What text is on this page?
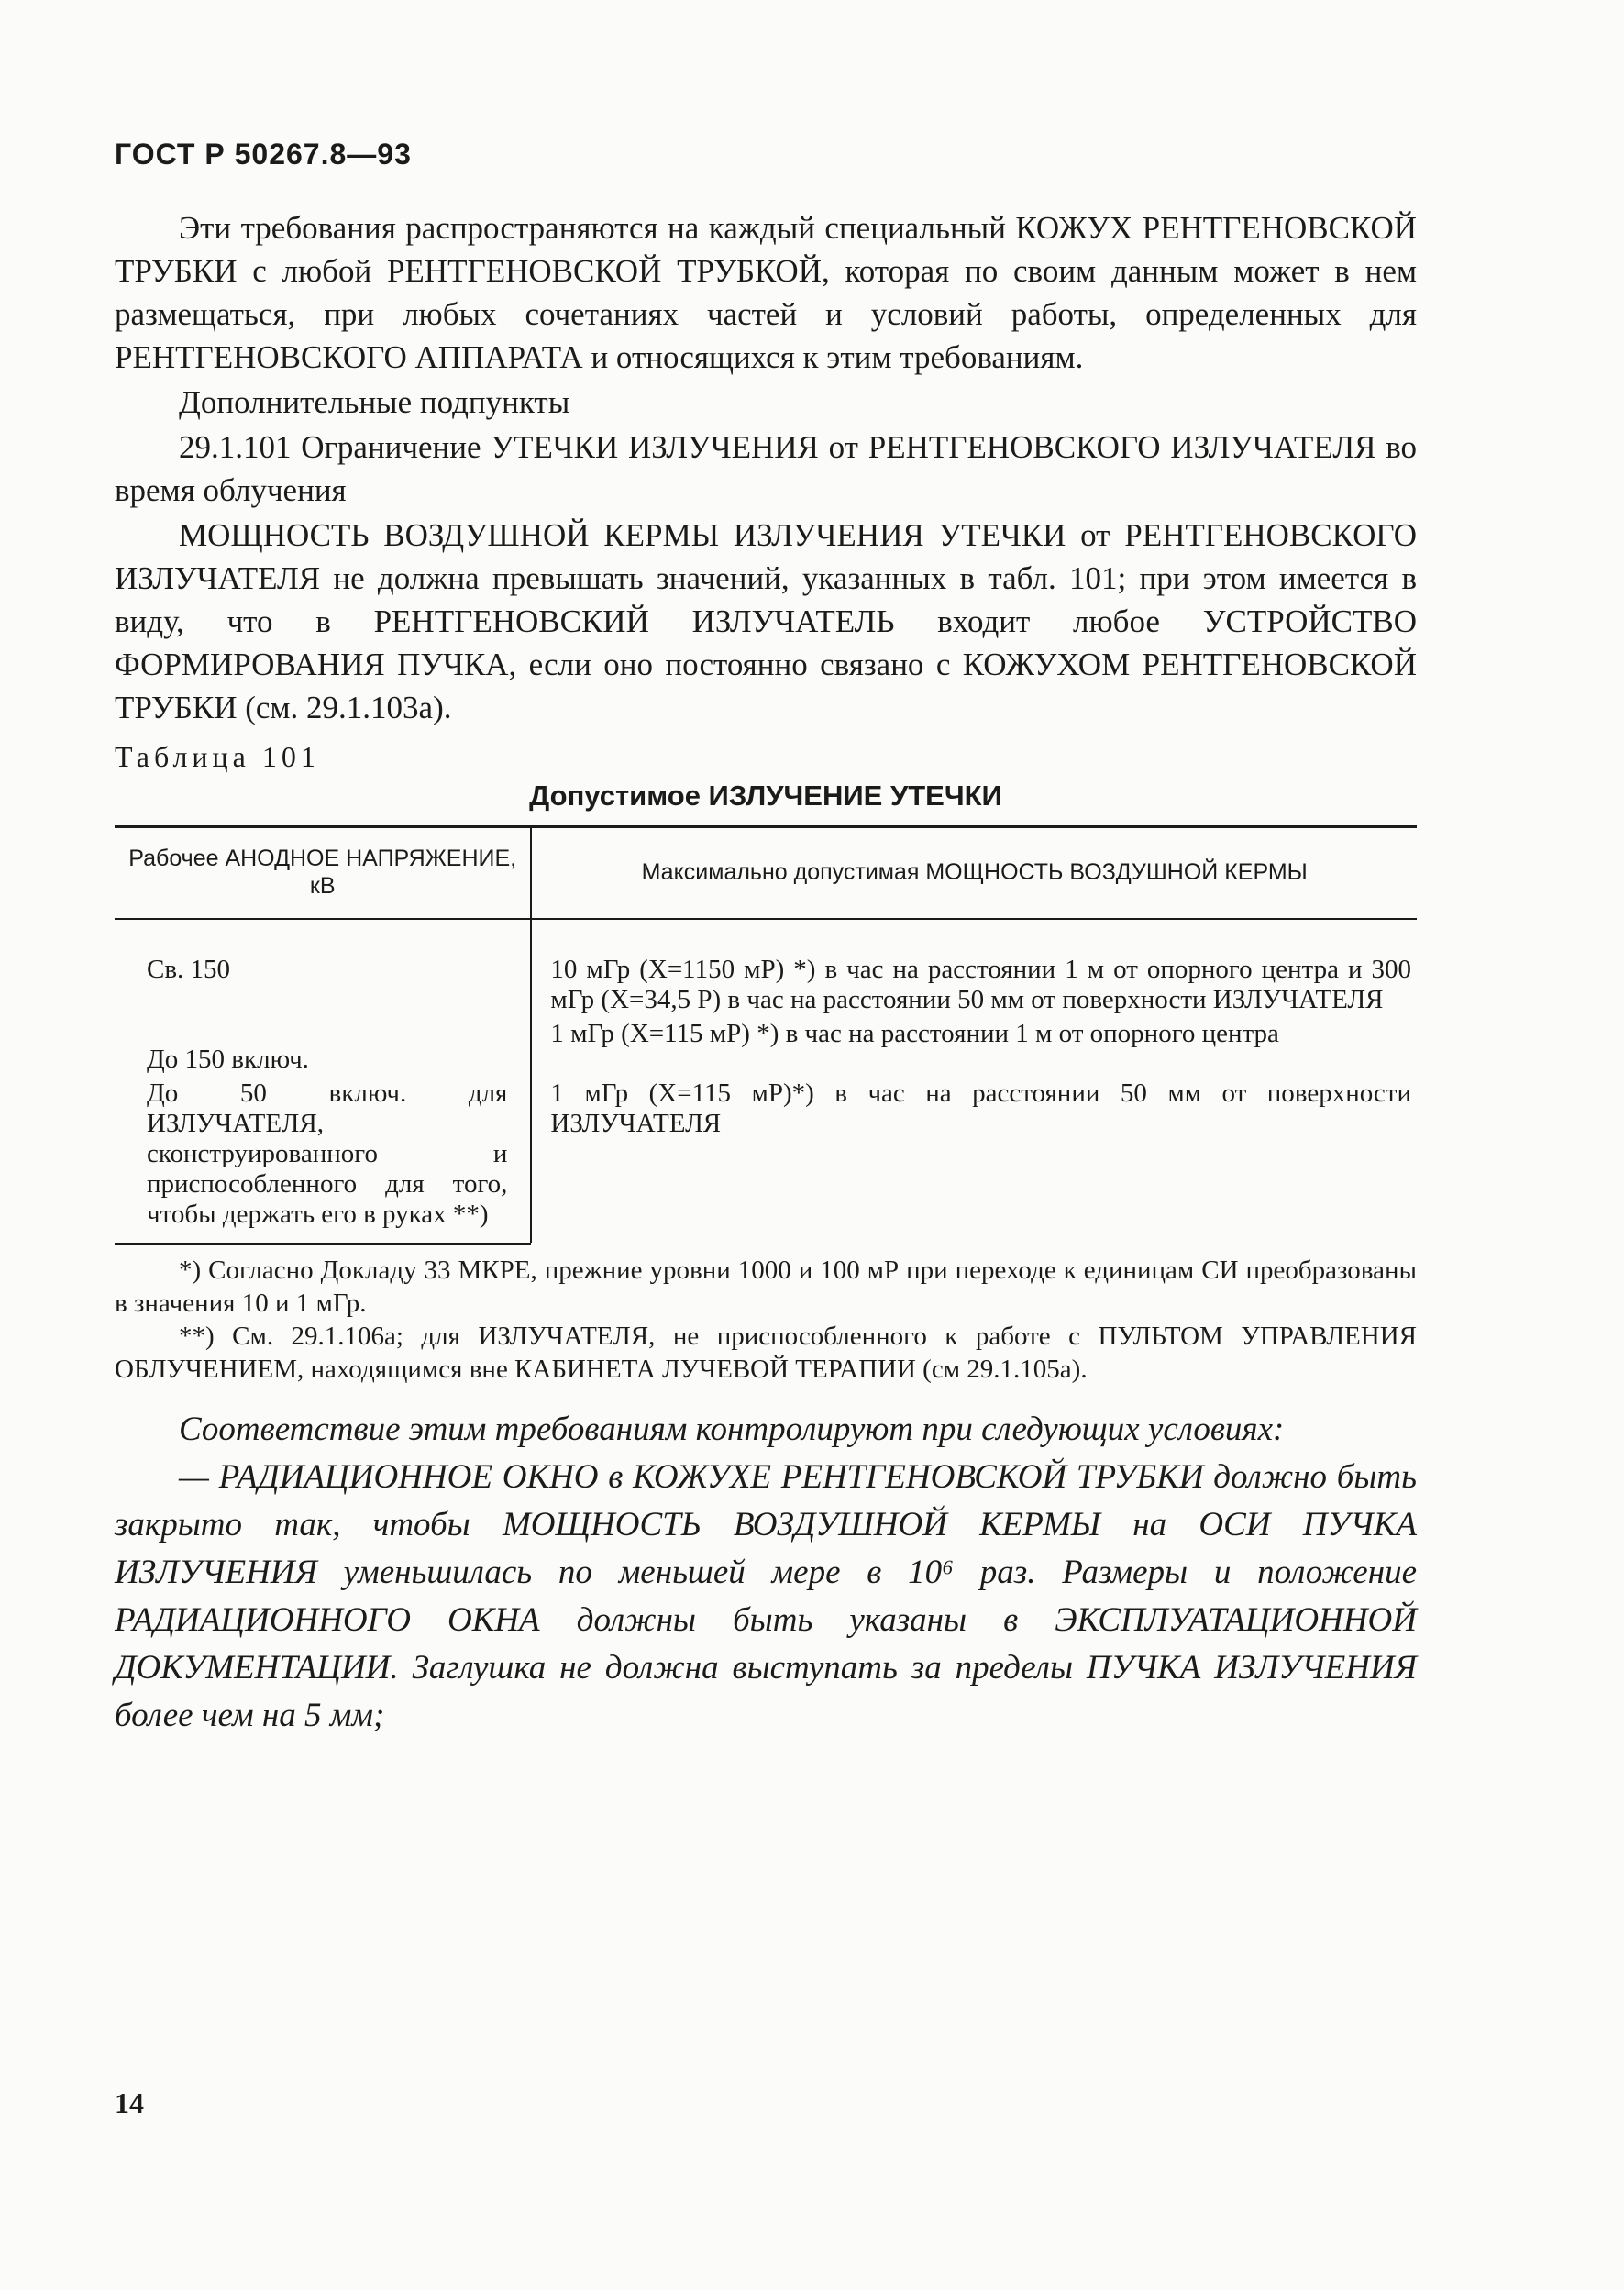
ГОСТ Р 50267.8—93

Эти требования распространяются на каждый специальный КОЖУХ РЕНТГЕНОВСКОЙ ТРУБКИ с любой РЕНТГЕНОВСКОЙ ТРУБКОЙ, которая по своим данным может в нем размещаться, при любых сочетаниях частей и условий работы, определенных для РЕНТГЕНОВСКОГО АППАРАТА и относящихся к этим требованиям.

Дополнительные подпункты

29.1.101 Ограничение УТЕЧКИ ИЗЛУЧЕНИЯ от РЕНТГЕНОВСКОГО ИЗЛУЧАТЕЛЯ во время облучения

МОЩНОСТЬ ВОЗДУШНОЙ КЕРМЫ ИЗЛУЧЕНИЯ УТЕЧКИ от РЕНТГЕНОВСКОГО ИЗЛУЧАТЕЛЯ не должна превышать значений, указанных в табл. 101; при этом имеется в виду, что в РЕНТГЕНОВСКИЙ ИЗЛУЧАТЕЛЬ входит любое УСТРОЙСТВО ФОРМИРОВАНИЯ ПУЧКА, если оно постоянно связано с КОЖУХОМ РЕНТГЕНОВСКОЙ ТРУБКИ (см. 29.1.103а).

Таблица 101
Допустимое ИЗЛУЧЕНИЕ УТЕЧКИ
Рабочее АНОДНОЕ НАПРЯЖЕНИЕ, кВ	Максимально допустимая МОЩНОСТЬ ВОЗДУШНОЙ КЕРМЫ
Св. 150	10 мГр (Х=1150 мР) *) в час на расстоянии 1 м от опорного центра и 300 мГр (Х=34,5 Р) в час на расстоянии 50 мм от поверхности ИЗЛУЧАТЕЛЯ
До 150 включ.	1 мГр (Х=115 мР) *) в час на расстоянии 1 м от опорного центра
До 50 включ. для ИЗЛУЧАТЕЛЯ, сконструированного и приспособленного для того, чтобы держать его в руках **)	1 мГр (Х=115 мР)*) в час на расстоянии 50 мм от поверхности ИЗЛУЧАТЕЛЯ

*) Согласно Докладу 33 МКРЕ, прежние уровни 1000 и 100 мР при переходе к единицам СИ преобразованы в значения 10 и 1 мГр.

**) См. 29.1.106а; для ИЗЛУЧАТЕЛЯ, не приспособленного к работе с ПУЛЬТОМ УПРАВЛЕНИЯ ОБЛУЧЕНИЕМ, находящимся вне КАБИНЕТА ЛУЧЕВОЙ ТЕРАПИИ (см 29.1.105а).

Соответствие этим требованиям контролируют при следующих условиях:

— РАДИАЦИОННОЕ ОКНО в КОЖУХЕ РЕНТГЕНОВСКОЙ ТРУБКИ должно быть закрыто так, чтобы МОЩНОСТЬ ВОЗДУШНОЙ КЕРМЫ на ОСИ ПУЧКА ИЗЛУЧЕНИЯ уменьшилась по меньшей мере в 10⁶ раз. Размеры и положение РАДИАЦИОННОГО ОКНА должны быть указаны в ЭКСПЛУАТАЦИОННОЙ ДОКУМЕНТАЦИИ. Заглушка не должна выступать за пределы ПУЧКА ИЗЛУЧЕНИЯ более чем на 5 мм;

14
